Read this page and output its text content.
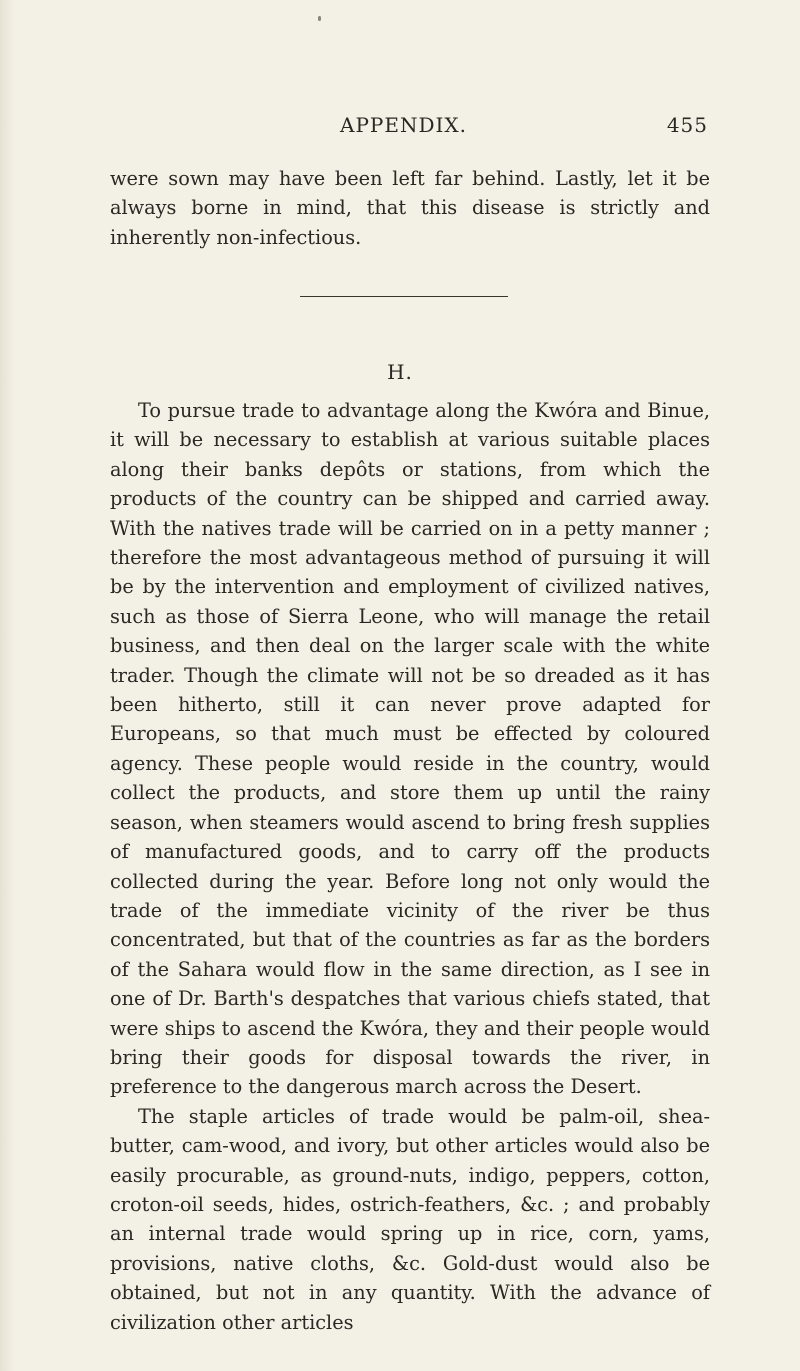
APPENDIX.	455

were sown may have been left far behind. Lastly, let it be always borne in mind, that this disease is strictly and inherently non-infectious.

H.

To pursue trade to advantage along the Kwóra and Binue, it will be necessary to establish at various suitable places along their banks depôts or stations, from which the products of the country can be shipped and carried away. With the natives trade will be carried on in a petty manner ; therefore the most advantageous method of pursuing it will be by the intervention and employment of civilized natives, such as those of Sierra Leone, who will manage the retail business, and then deal on the larger scale with the white trader. Though the climate will not be so dreaded as it has been hitherto, still it can never prove adapted for Europeans, so that much must be effected by coloured agency. These people would reside in the country, would collect the products, and store them up until the rainy season, when steamers would ascend to bring fresh supplies of manufactured goods, and to carry off the products collected during the year. Before long not only would the trade of the immediate vicinity of the river be thus concentrated, but that of the countries as far as the borders of the Sahara would flow in the same direction, as I see in one of Dr. Barth's despatches that various chiefs stated, that were ships to ascend the Kwóra, they and their people would bring their goods for disposal towards the river, in preference to the dangerous march across the Desert.

The staple articles of trade would be palm-oil, shea-butter, cam-wood, and ivory, but other articles would also be easily procurable, as ground-nuts, indigo, peppers, cotton, croton-oil seeds, hides, ostrich-feathers, &c. ; and probably an internal trade would spring up in rice, corn, yams, provisions, native cloths, &c. Gold-dust would also be obtained, but not in any quantity. With the advance of civilization other articles
